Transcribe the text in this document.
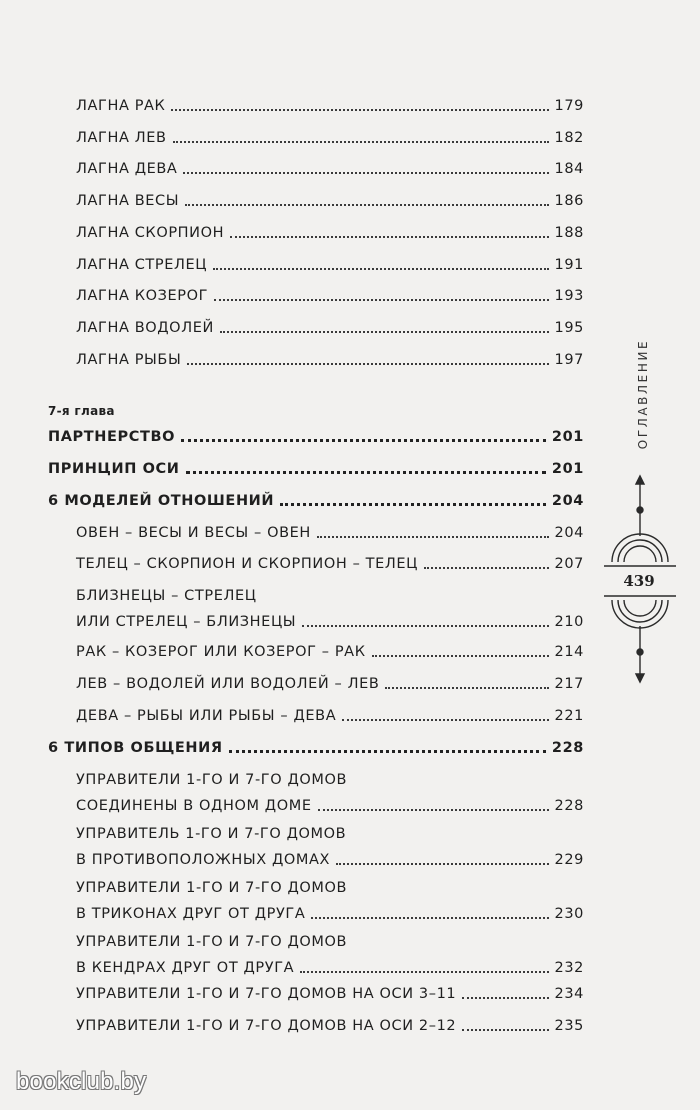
ЛАГНА РАК	179
ЛАГНА ЛЕВ	182
ЛАГНА ДЕВА	184
ЛАГНА ВЕСЫ	186
ЛАГНА СКОРПИОН	188
ЛАГНА СТРЕЛЕЦ	191
ЛАГНА КОЗЕРОГ	193
ЛАГНА ВОДОЛЕЙ	195
ЛАГНА РЫБЫ	197
7-я глава
ПАРТНЕРСТВО	201
ПРИНЦИП ОСИ	201
6 МОДЕЛЕЙ ОТНОШЕНИЙ	204
ОВЕН – ВЕСЫ И ВЕСЫ – ОВЕН	204
ТЕЛЕЦ – СКОРПИОН И СКОРПИОН – ТЕЛЕЦ	207
БЛИЗНЕЦЫ – СТРЕЛЕЦ
ИЛИ СТРЕЛЕЦ – БЛИЗНЕЦЫ	210
РАК – КОЗЕРОГ ИЛИ КОЗЕРОГ – РАК	214
ЛЕВ – ВОДОЛЕЙ ИЛИ ВОДОЛЕЙ – ЛЕВ	217
ДЕВА – РЫБЫ ИЛИ РЫБЫ – ДЕВА	221
6 ТИПОВ ОБЩЕНИЯ	228
УПРАВИТЕЛИ 1-ГО И 7-ГО ДОМОВ
СОЕДИНЕНЫ В ОДНОМ ДОМЕ	228
УПРАВИТЕЛЬ 1-ГО И 7-ГО ДОМОВ
В ПРОТИВОПОЛОЖНЫХ ДОМАХ	229
УПРАВИТЕЛИ 1-ГО И 7-ГО ДОМОВ
В ТРИКОНАХ ДРУГ ОТ ДРУГА	230
УПРАВИТЕЛИ 1-ГО И 7-ГО ДОМОВ
В КЕНДРАХ ДРУГ ОТ ДРУГА	232
УПРАВИТЕЛИ 1-ГО И 7-ГО ДОМОВ НА ОСИ 3–11	234
УПРАВИТЕЛИ 1-ГО И 7-ГО ДОМОВ НА ОСИ 2–12	235
ОГЛАВЛЕНИЕ
439
bookclub.by
